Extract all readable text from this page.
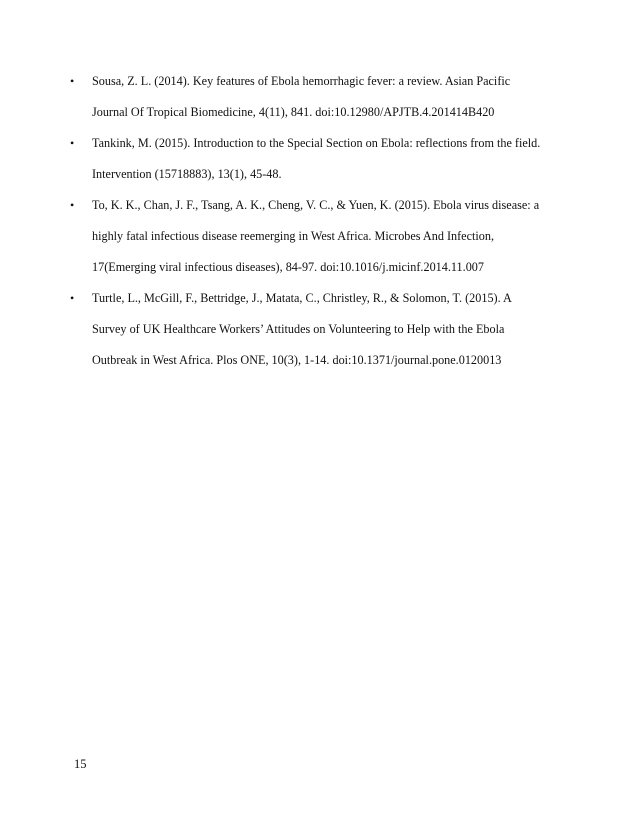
• Sousa, Z. L. (2014). Key features of Ebola hemorrhagic fever: a review. Asian Pacific
Journal Of Tropical Biomedicine, 4(11), 841. doi:10.12980/APJTB.4.201414B420
• Tankink, M. (2015). Introduction to the Special Section on Ebola: reflections from the field.
Intervention (15718883), 13(1), 45-48.
• To, K. K., Chan, J. F., Tsang, A. K., Cheng, V. C., & Yuen, K. (2015). Ebola virus disease: a
highly fatal infectious disease reemerging in West Africa. Microbes And Infection,
17(Emerging viral infectious diseases), 84-97. doi:10.1016/j.micinf.2014.11.007
• Turtle, L., McGill, F., Bettridge, J., Matata, C., Christley, R., & Solomon, T. (2015). A
Survey of UK Healthcare Workers’ Attitudes on Volunteering to Help with the Ebola
Outbreak in West Africa. Plos ONE, 10(3), 1-14. doi:10.1371/journal.pone.0120013
15
